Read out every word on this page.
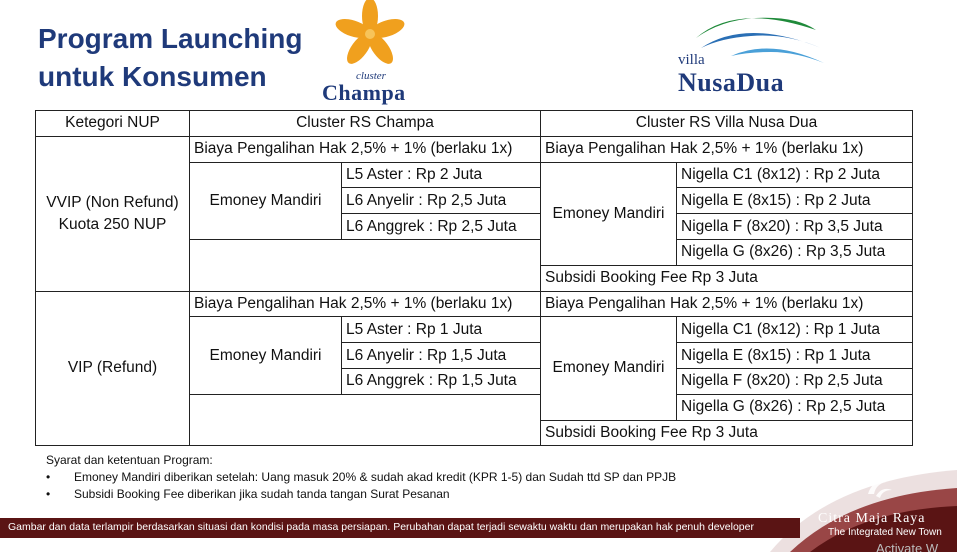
Program Launching
untuk Konsumen	cluster
Champa
villa
NusaDua
Ketegori NUP	Cluster RS Champa		Cluster RS Villa Nusa Dua	

VVIP (Non Refund)
Kuota 250 NUP	Biaya Pengalihan Hak 2,5% + 1% (berlaku 1x)		Biaya Pengalihan Hak 2,5% + 1% (berlaku 1x)	
	Emoney Mandiri	L5 Aster : Rp 2 Juta	Emoney Mandiri	Nigella C1 (8x12) : Rp 2 Juta
		L6 Anyelir : Rp 2,5 Juta		Nigella E (8x15) : Rp 2 Juta
		L6 Anggrek : Rp 2,5 Juta		Nigella F (8x20) : Rp 3,5 Juta
				Nigella G (8x26) : Rp 3,5 Juta
			Subsidi Booking Fee Rp 3 Juta	

VIP (Refund)	Biaya Pengalihan Hak 2,5% + 1% (berlaku 1x)		Biaya Pengalihan Hak 2,5% + 1% (berlaku 1x)	
	Emoney Mandiri	L5 Aster : Rp 1 Juta	Emoney Mandiri	Nigella C1 (8x12) : Rp 1 Juta
		L6 Anyelir : Rp 1,5 Juta		Nigella E (8x15) : Rp 1 Juta
		L6 Anggrek : Rp 1,5 Juta		Nigella F (8x20) : Rp 2,5 Juta
				Nigella G (8x26) : Rp 2,5 Juta
			Subsidi Booking Fee Rp 3 Juta	
Syarat dan ketentuan Program:
• Emoney Mandiri diberikan setelah: Uang masuk 20% & sudah akad kredit (KPR 1-5) dan Sudah ttd SP dan PPJB
• Subsidi Booking Fee diberikan jika sudah tanda tangan Surat Pesanan
Gambar dan data terlampir berdasarkan situasi dan kondisi pada masa persiapan. Perubahan dapat terjadi sewaktu waktu dan merupakan hak penuh developer
Citra Maja Raya
The Integrated New Town
Activate W
